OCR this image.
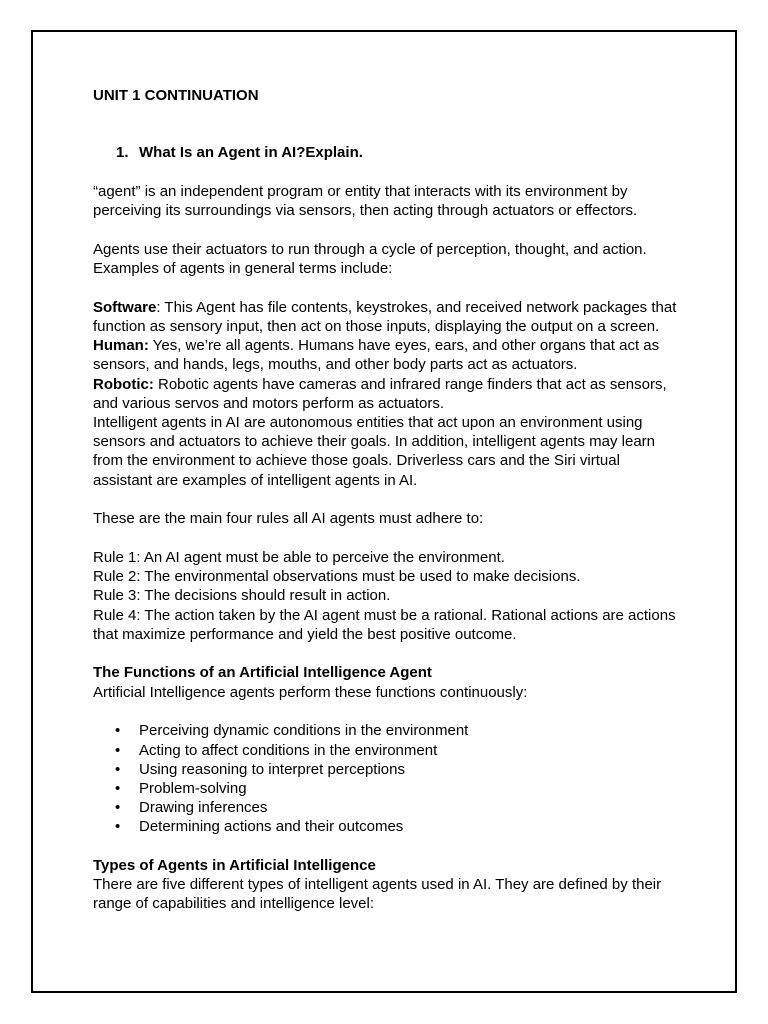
UNIT 1 CONTINUATION

1. What Is an Agent in AI?Explain.

“agent” is an independent program or entity that interacts with its environment by perceiving its surroundings via sensors, then acting through actuators or effectors.

Agents use their actuators to run through a cycle of perception, thought, and action. Examples of agents in general terms include:

Software: This Agent has file contents, keystrokes, and received network packages that function as sensory input, then act on those inputs, displaying the output on a screen.

Human: Yes, we’re all agents. Humans have eyes, ears, and other organs that act as sensors, and hands, legs, mouths, and other body parts act as actuators.

Robotic: Robotic agents have cameras and infrared range finders that act as sensors, and various servos and motors perform as actuators.

Intelligent agents in AI are autonomous entities that act upon an environment using sensors and actuators to achieve their goals. In addition, intelligent agents may learn from the environment to achieve those goals. Driverless cars and the Siri virtual assistant are examples of intelligent agents in AI.

These are the main four rules all AI agents must adhere to:

Rule 1: An AI agent must be able to perceive the environment.

Rule 2: The environmental observations must be used to make decisions.

Rule 3: The decisions should result in action.

Rule 4: The action taken by the AI agent must be a rational. Rational actions are actions that maximize performance and yield the best positive outcome.

The Functions of an Artificial Intelligence Agent

Artificial Intelligence agents perform these functions continuously:

•	Perceiving dynamic conditions in the environment
•	Acting to affect conditions in the environment
•	Using reasoning to interpret perceptions
•	Problem-solving
•	Drawing inferences
•	Determining actions and their outcomes

Types of Agents in Artificial Intelligence

There are five different types of intelligent agents used in AI. They are defined by their range of capabilities and intelligence level:
